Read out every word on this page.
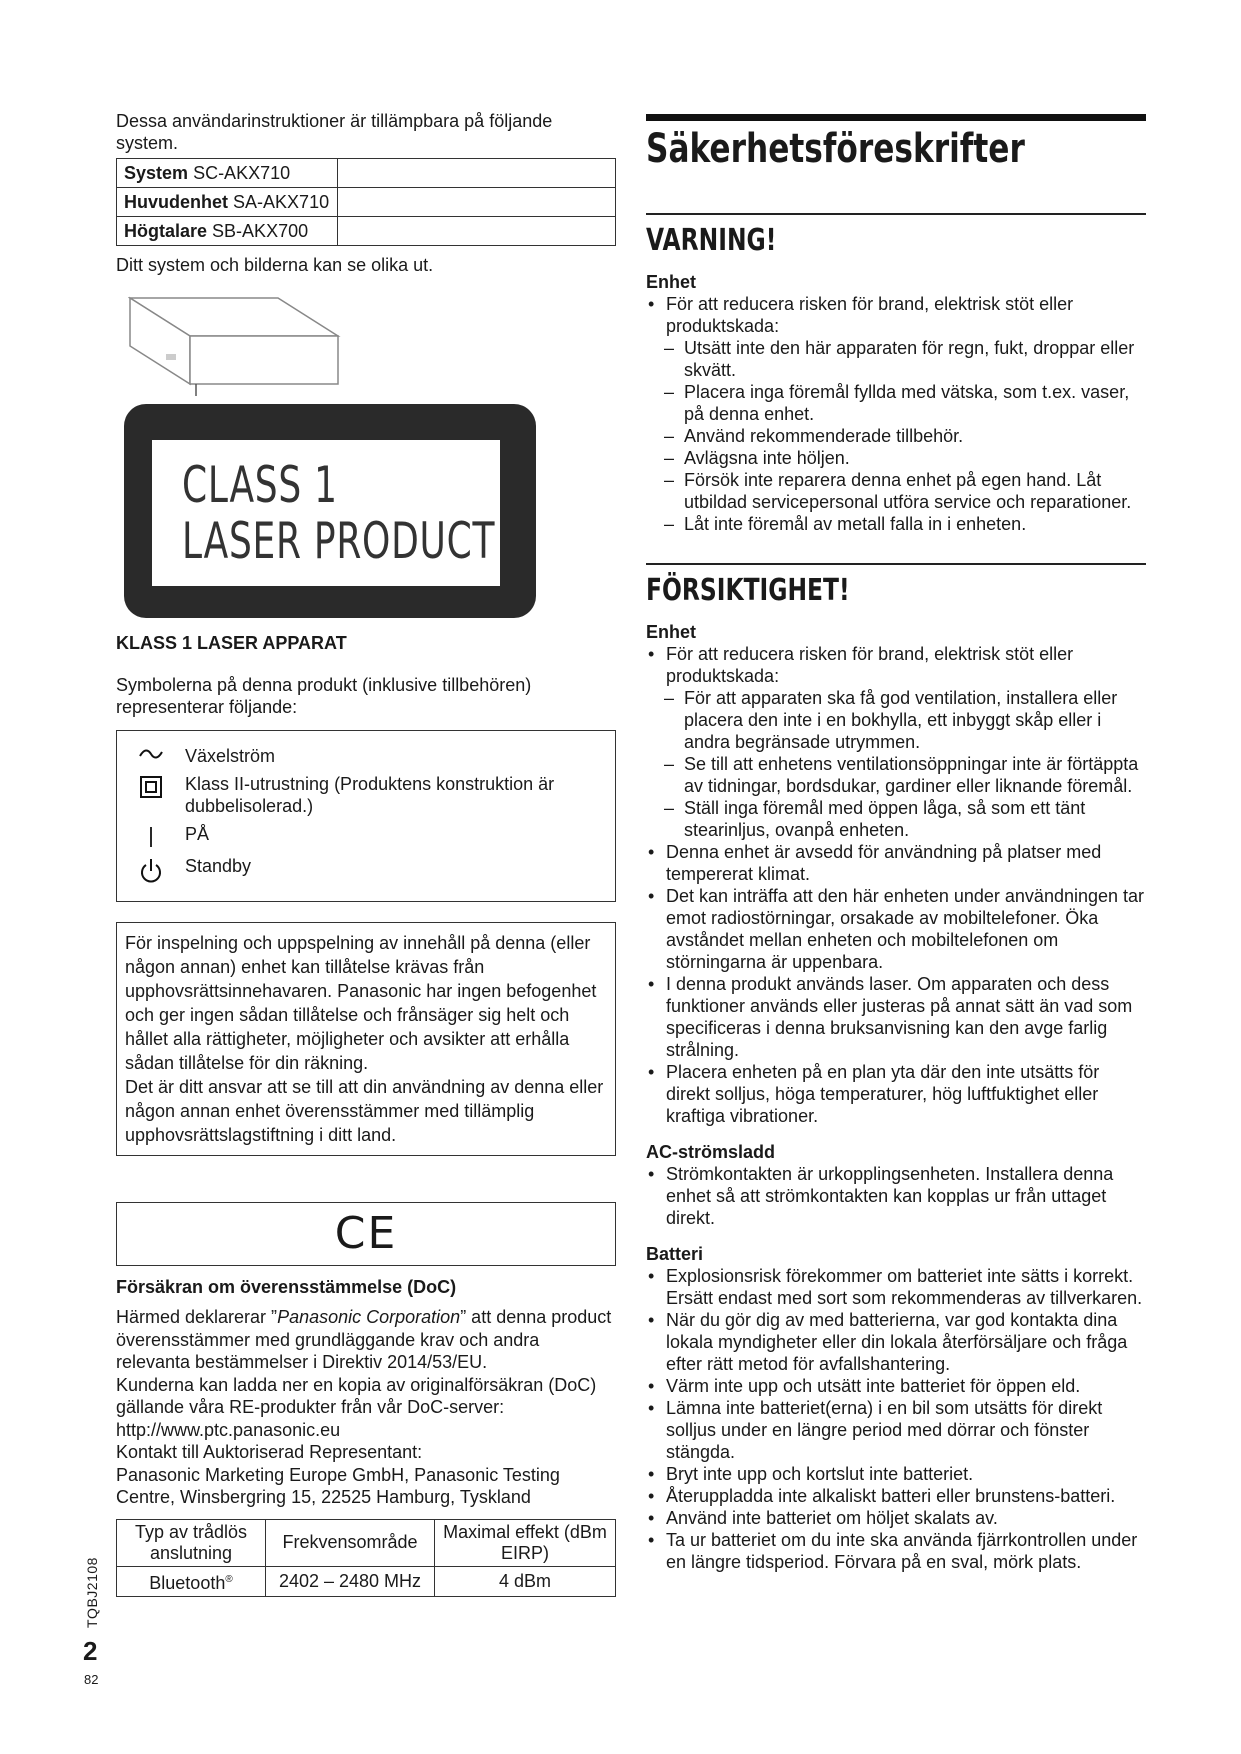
Dessa användarinstruktioner är tillämpbara på följande system.
System SC-AKX710	
Huvudenhet SA-AKX710	
Högtalare SB-AKX700	
Ditt system och bilderna kan se olika ut.
CLASS 1
LASER PRODUCT
KLASS 1 LASER APPARAT
Symbolerna på denna produkt (inklusive tillbehören) representerar följande:
Växelström
Klass II-utrustning (Produktens konstruktion är dubbelisolerad.)
PÅ
Standby
För inspelning och uppspelning av innehåll på denna (eller någon annan) enhet kan tillåtelse krävas från upphovsrättsinnehavaren. Panasonic har ingen befogenhet och ger ingen sådan tillåtelse och frånsäger sig helt och hållet alla rättigheter, möjligheter och avsikter att erhålla sådan tillåtelse för din räkning.
Det är ditt ansvar att se till att din användning av denna eller någon annan enhet överensstämmer med tillämplig upphovsrättslagstiftning i ditt land.
CE
Försäkran om överensstämmelse (DoC)
Härmed deklarerar ”Panasonic Corporation” att denna product överensstämmer med grundläggande krav och andra relevanta bestämmelser i Direktiv 2014/53/EU.
Kunderna kan ladda ner en kopia av originalförsäkran (DoC) gällande våra RE-produkter från vår DoC-server:
http://www.ptc.panasonic.eu
Kontakt till Auktoriserad Representant:
Panasonic Marketing Europe GmbH, Panasonic Testing Centre, Winsbergring 15, 22525 Hamburg, Tyskland
Typ av trådlös anslutning	Frekvensområde	Maximal effekt (dBm EIRP)
Bluetooth®	2402 – 2480 MHz	4 dBm
TQBJ2108
2
82
Säkerhetsföreskrifter
VARNING!
Enhet
• För att reducera risken för brand, elektrisk stöt eller produktskada:
– Utsätt inte den här apparaten för regn, fukt, droppar eller skvätt.
– Placera inga föremål fyllda med vätska, som t.ex. vaser, på denna enhet.
– Använd rekommenderade tillbehör.
– Avlägsna inte höljen.
– Försök inte reparera denna enhet på egen hand. Låt utbildad servicepersonal utföra service och reparationer.
– Låt inte föremål av metall falla in i enheten.
FÖRSIKTIGHET!
Enhet
• För att reducera risken för brand, elektrisk stöt eller produktskada:
– För att apparaten ska få god ventilation, installera eller placera den inte i en bokhylla, ett inbyggt skåp eller i andra begränsade utrymmen.
– Se till att enhetens ventilationsöppningar inte är förtäppta av tidningar, bordsdukar, gardiner eller liknande föremål.
– Ställ inga föremål med öppen låga, så som ett tänt stearinljus, ovanpå enheten.
• Denna enhet är avsedd för användning på platser med tempererat klimat.
• Det kan inträffa att den här enheten under användningen tar emot radiostörningar, orsakade av mobiltelefoner. Öka avståndet mellan enheten och mobiltelefonen om störningarna är uppenbara.
• I denna produkt används laser. Om apparaten och dess funktioner används eller justeras på annat sätt än vad som specificeras i denna bruksanvisning kan den avge farlig strålning.
• Placera enheten på en plan yta där den inte utsätts för direkt solljus, höga temperaturer, hög luftfuktighet eller kraftiga vibrationer.
AC-strömsladd
• Strömkontakten är urkopplingsenheten. Installera denna enhet så att strömkontakten kan kopplas ur från uttaget direkt.
Batteri
• Explosionsrisk förekommer om batteriet inte sätts i korrekt. Ersätt endast med sort som rekommenderas av tillverkaren.
• När du gör dig av med batterierna, var god kontakta dina lokala myndigheter eller din lokala återförsäljare och fråga efter rätt metod för avfallshantering.
• Värm inte upp och utsätt inte batteriet för öppen eld.
• Lämna inte batteriet(erna) i en bil som utsätts för direkt solljus under en längre period med dörrar och fönster stängda.
• Bryt inte upp och kortslut inte batteriet.
• Återuppladda inte alkaliskt batteri eller brunstens-batteri.
• Använd inte batteriet om höljet skalats av.
• Ta ur batteriet om du inte ska använda fjärrkontrollen under en längre tidsperiod. Förvara på en sval, mörk plats.
